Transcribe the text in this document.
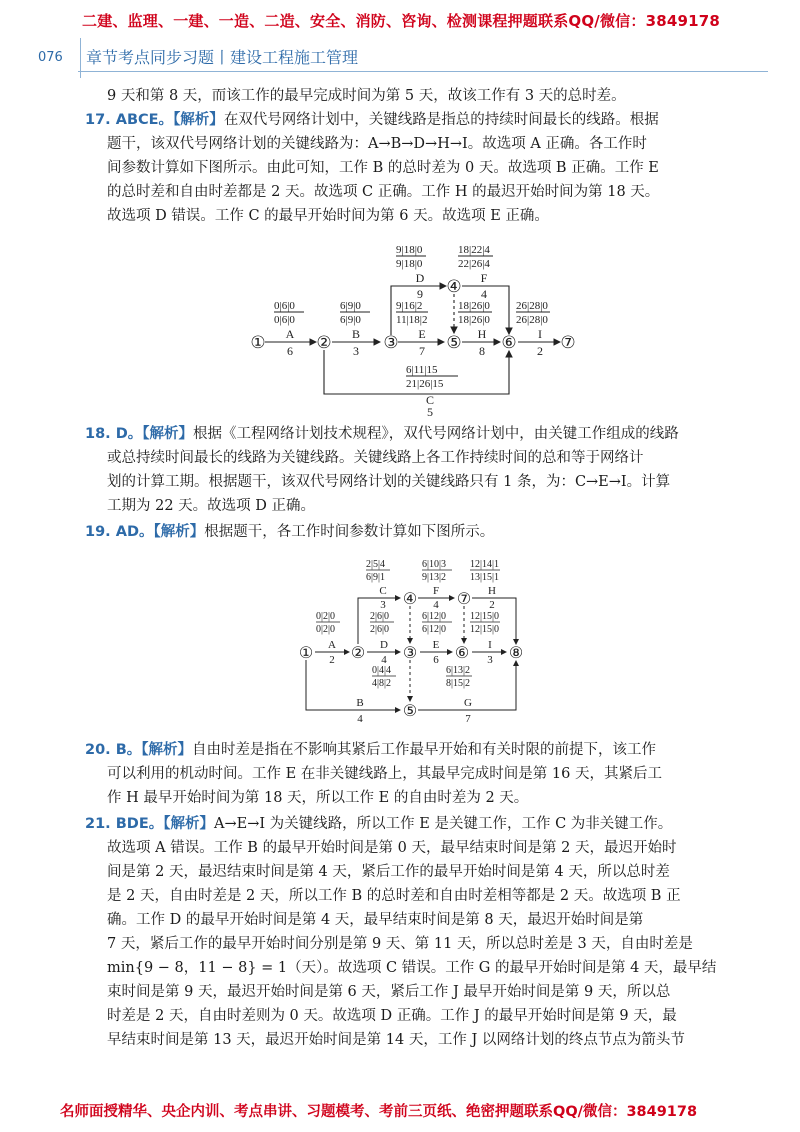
二建、监理、一建、一造、二造、安全、消防、咨询、检测课程押题联系QQ/微信：3849178
076 章节考点同步习题丨建设工程施工管理
9 天和第 8 天，而该工作的最早完成时间为第 5 天，故该工作有 3 天的总时差。
17. ABCE。【解析】在双代号网络计划中，关键线路是指总的持续时间最长的线路。根据
题干，该双代号网络计划的关键线路为：A→B→D→H→I。故选项 A 正确。各工作时
间参数计算如下图所示。由此可知，工作 B 的总时差为 0 天。故选项 B 正确。工作 E
的总时差和自由时差都是 2 天。故选项 C 正确。工作 H 的最迟开始时间为第 18 天。
故选项 D 错误。工作 C 的最早开始时间为第 6 天。故选项 E 正确。
18. D。【解析】根据《工程网络计划技术规程》，双代号网络计划中，由关键工作组成的线路
或总持续时间最长的线路为关键线路。关键线路上各工作持续时间的总和等于网络计
划的计算工期。根据题干，该双代号网络计划的关键线路只有 1 条，为：C→E→I。计算
工期为 22 天。故选项 D 正确。
19. AD。【解析】根据题干，各工作时间参数计算如下图所示。
20. B。【解析】自由时差是指在不影响其紧后工作最早开始和有关时限的前提下，该工作
可以利用的机动时间。工作 E 在非关键线路上，其最早完成时间是第 16 天，其紧后工
作 H 最早开始时间为第 18 天，所以工作 E 的自由时差为 2 天。
21. BDE。【解析】A→E→I 为关键线路，所以工作 E 是关键工作，工作 C 为非关键工作。
故选项 A 错误。工作 B 的最早开始时间是第 0 天，最早结束时间是第 2 天，最迟开始时
间是第 2 天，最迟结束时间是第 4 天，紧后工作的最早开始时间是第 4 天，所以总时差
是 2 天，自由时差是 2 天，所以工作 B 的总时差和自由时差相等都是 2 天。故选项 B 正
确。工作 D 的最早开始时间是第 4 天，最早结束时间是第 8 天，最迟开始时间是第
7 天，紧后工作的最早开始时间分别是第 9 天、第 11 天，所以总时差是 3 天，自由时差是
min{9 − 8，11 − 8} = 1（天）。故选项 C 错误。工作 G 的最早开始时间是第 4 天，最早结
束时间是第 9 天，最迟开始时间是第 6 天，紧后工作 J 最早开始时间是第 9 天，所以总
时差是 2 天，自由时差则为 0 天。故选项 D 正确。工作 J 的最早开始时间是第 9 天，最
早结束时间是第 13 天，最迟开始时间是第 14 天，工作 J 以网络计划的终点节点为箭头节
9|18|0
9|18|0
18|22|4
22|26|4
0|6|0
0|6|0
6|9|0
6|9|0
9|16|2
11|18|2
18|26|0
18|26|0
26|28|0
26|28|0
6|11|15
21|26|15
A
6
B
3
D
9
F
4
E
7
H
8
I
2
C
5
①	②	③
④
⑤ ⑥	⑦
2|5|4
6|9|1
6|10|3
9|13|2
12|14|1
13|15|1
0|2|0
0|2|0
2|6|0
2|6|0
6|12|0
6|12|0
12|15|0
12|15|0
0|4|4
4|8|2
6|13|2
8|15|2
C
3
F
4
H
2
A
2
D
4
E
6
I
3
B
4
G
7
① ② ③
④
⑤
⑥
⑦
⑧
名师面授精华、央企内训、考点串讲、习题模考、考前三页纸、绝密押题联系QQ/微信：3849178
